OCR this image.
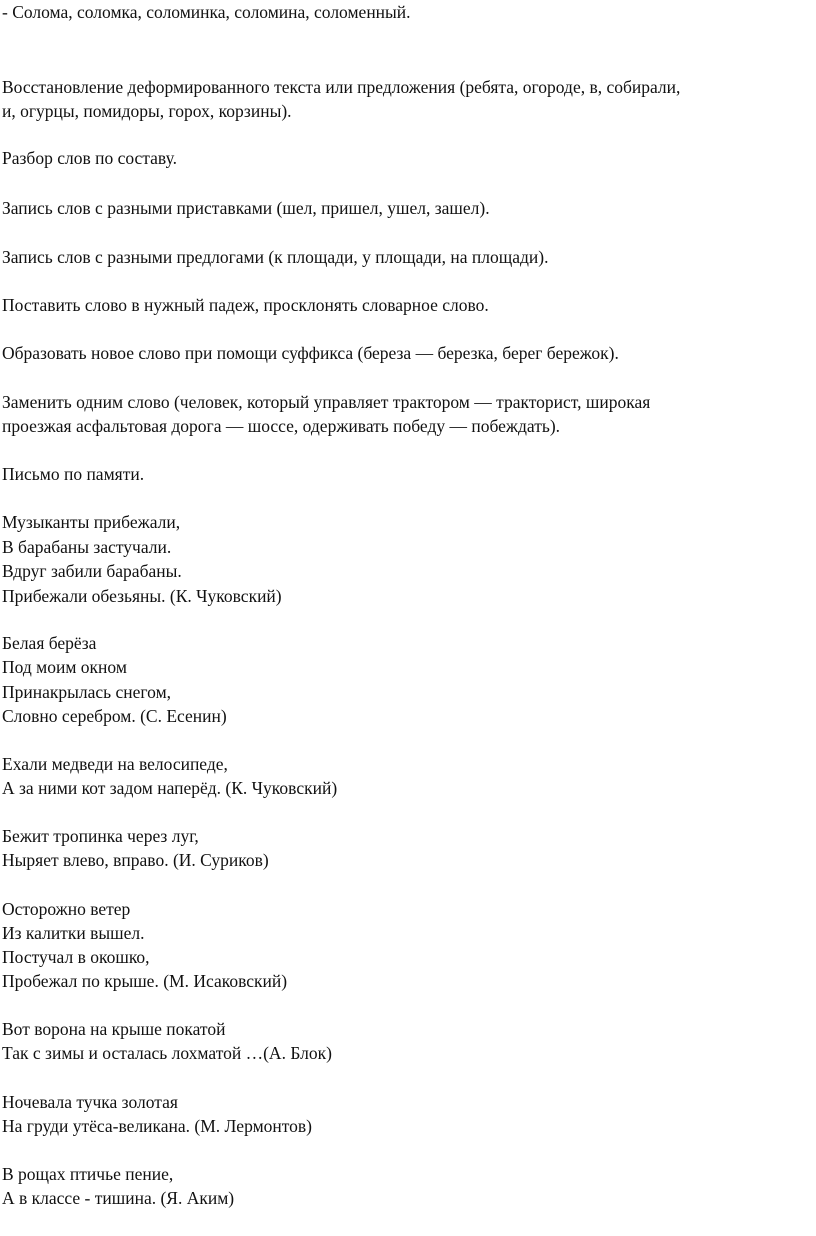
- Солома, соломка, соломинка, соломина, соломенный.
Восстановление деформированного текста или предложения (ребята, огороде, в, собирали,
и, огурцы, помидоры, горох, корзины).
Разбор слов по составу.
Запись слов с разными приставками (шел, пришел, ушел, зашел).
Запись слов с разными предлогами (к площади, у площади, на площади).
Поставить слово в нужный падеж, просклонять словарное слово.
Образовать новое слово при помощи суффикса (береза — березка, берег бережок).
Заменить одним слово (человек, который управляет трактором — тракторист, широкая
проезжая асфальтовая дорога — шоссе, одерживать победу — побеждать).
Письмо по памяти.
Музыканты прибежали,
В барабаны застучали.
Вдруг забили барабаны.
Прибежали обезьяны. (К. Чуковский)
Белая берёза
Под моим окном
Принакрылась снегом,
Словно серебром. (С. Есенин)
Ехали медведи на велосипеде,
А за ними кот задом наперёд. (К. Чуковский)
Бежит тропинка через луг,
Ныряет влево, вправо. (И. Суриков)
Осторожно ветер
Из калитки вышел.
Постучал в окошко,
Пробежал по крыше. (М. Исаковский)
Вот ворона на крыше покатой
Так с зимы и осталась лохматой …(А. Блок)
Ночевала тучка золотая
На груди утёса-великана. (М. Лермонтов)
В рощах птичье пение,
А в классе - тишина. (Я. Аким)
